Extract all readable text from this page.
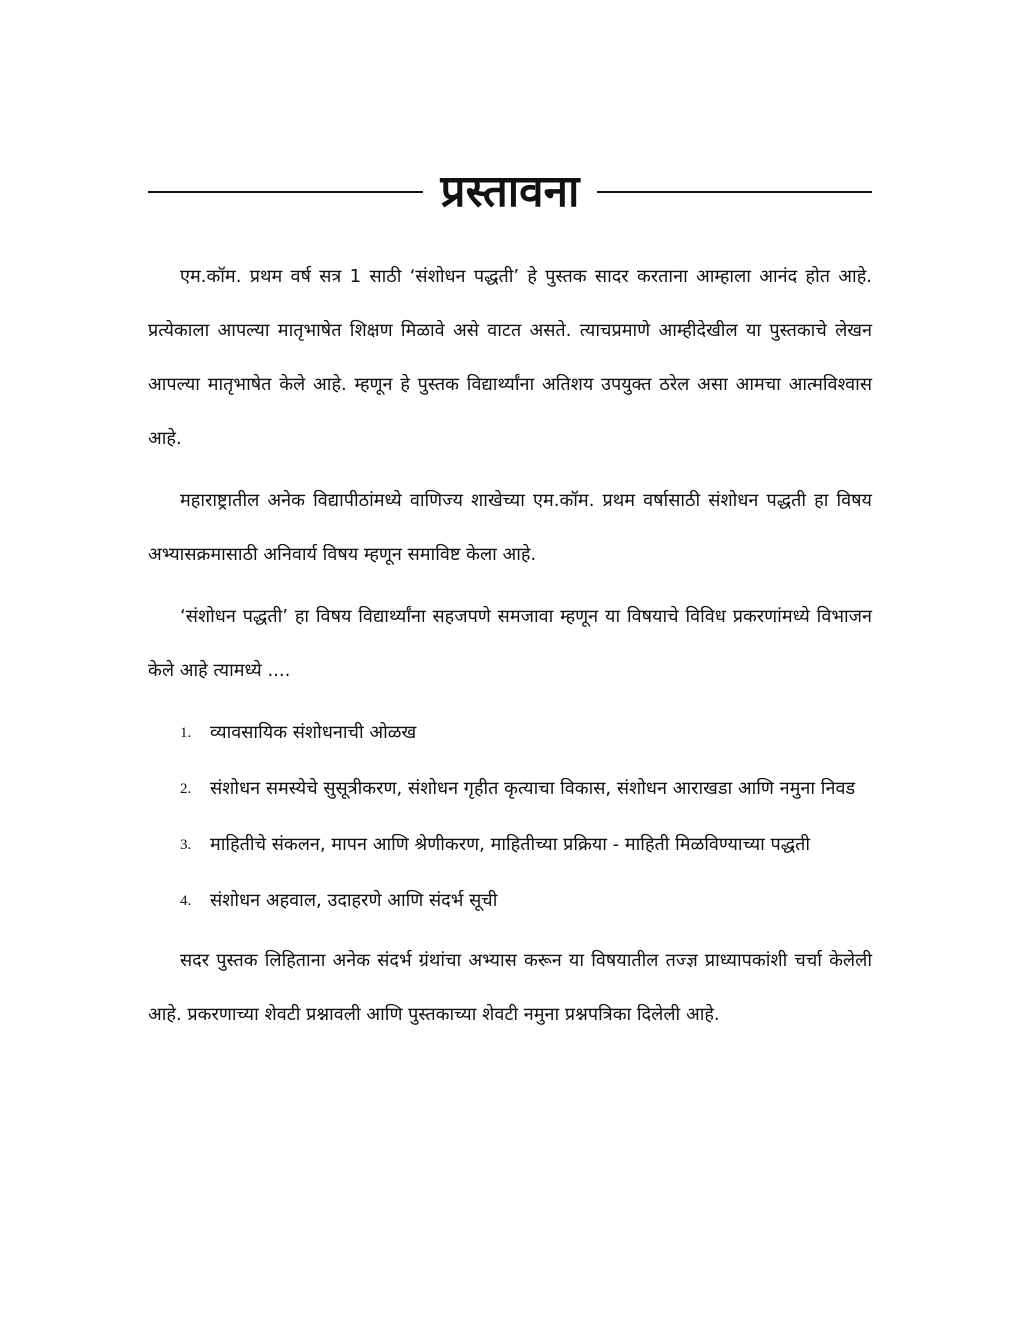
प्रस्तावना

एम.कॉम. प्रथम वर्ष सत्र 1 साठी ‘संशोधन पद्धती’ हे पुस्तक सादर करताना आम्हाला आनंद होत आहे. प्रत्येकाला आपल्या मातृभाषेत शिक्षण मिळावे असे वाटत असते. त्याचप्रमाणे आम्हीदेखील या पुस्तकाचे लेखन आपल्या मातृभाषेत केले आहे. म्हणून हे पुस्तक विद्यार्थ्यांना अतिशय उपयुक्त ठरेल असा आमचा आत्मविश्वास आहे.

महाराष्ट्रातील अनेक विद्यापीठांमध्ये वाणिज्य शाखेच्या एम.कॉम. प्रथम वर्षासाठी संशोधन पद्धती हा विषय अभ्यासक्रमासाठी अनिवार्य विषय म्हणून समाविष्ट केला आहे.

‘संशोधन पद्धती’ हा विषय विद्यार्थ्यांना सहजपणे समजावा म्हणून या विषयाचे विविध प्रकरणांमध्ये विभाजन केले आहे त्यामध्ये ....

1.	व्यावसायिक संशोधनाची ओळख
2.	संशोधन समस्येचे सुसूत्रीकरण, संशोधन गृहीत कृत्याचा विकास, संशोधन आराखडा आणि नमुना निवड
3.	माहितीचे संकलन, मापन आणि श्रेणीकरण, माहितीच्या प्रक्रिया - माहिती मिळविण्याच्या पद्धती
4.	संशोधन अहवाल, उदाहरणे आणि संदर्भ सूची

सदर पुस्तक लिहिताना अनेक संदर्भ ग्रंथांचा अभ्यास करून या विषयातील तज्ज्ञ प्राध्यापकांशी चर्चा केलेली आहे. प्रकरणाच्या शेवटी प्रश्नावली आणि पुस्तकाच्या शेवटी नमुना प्रश्नपत्रिका दिलेली आहे.
